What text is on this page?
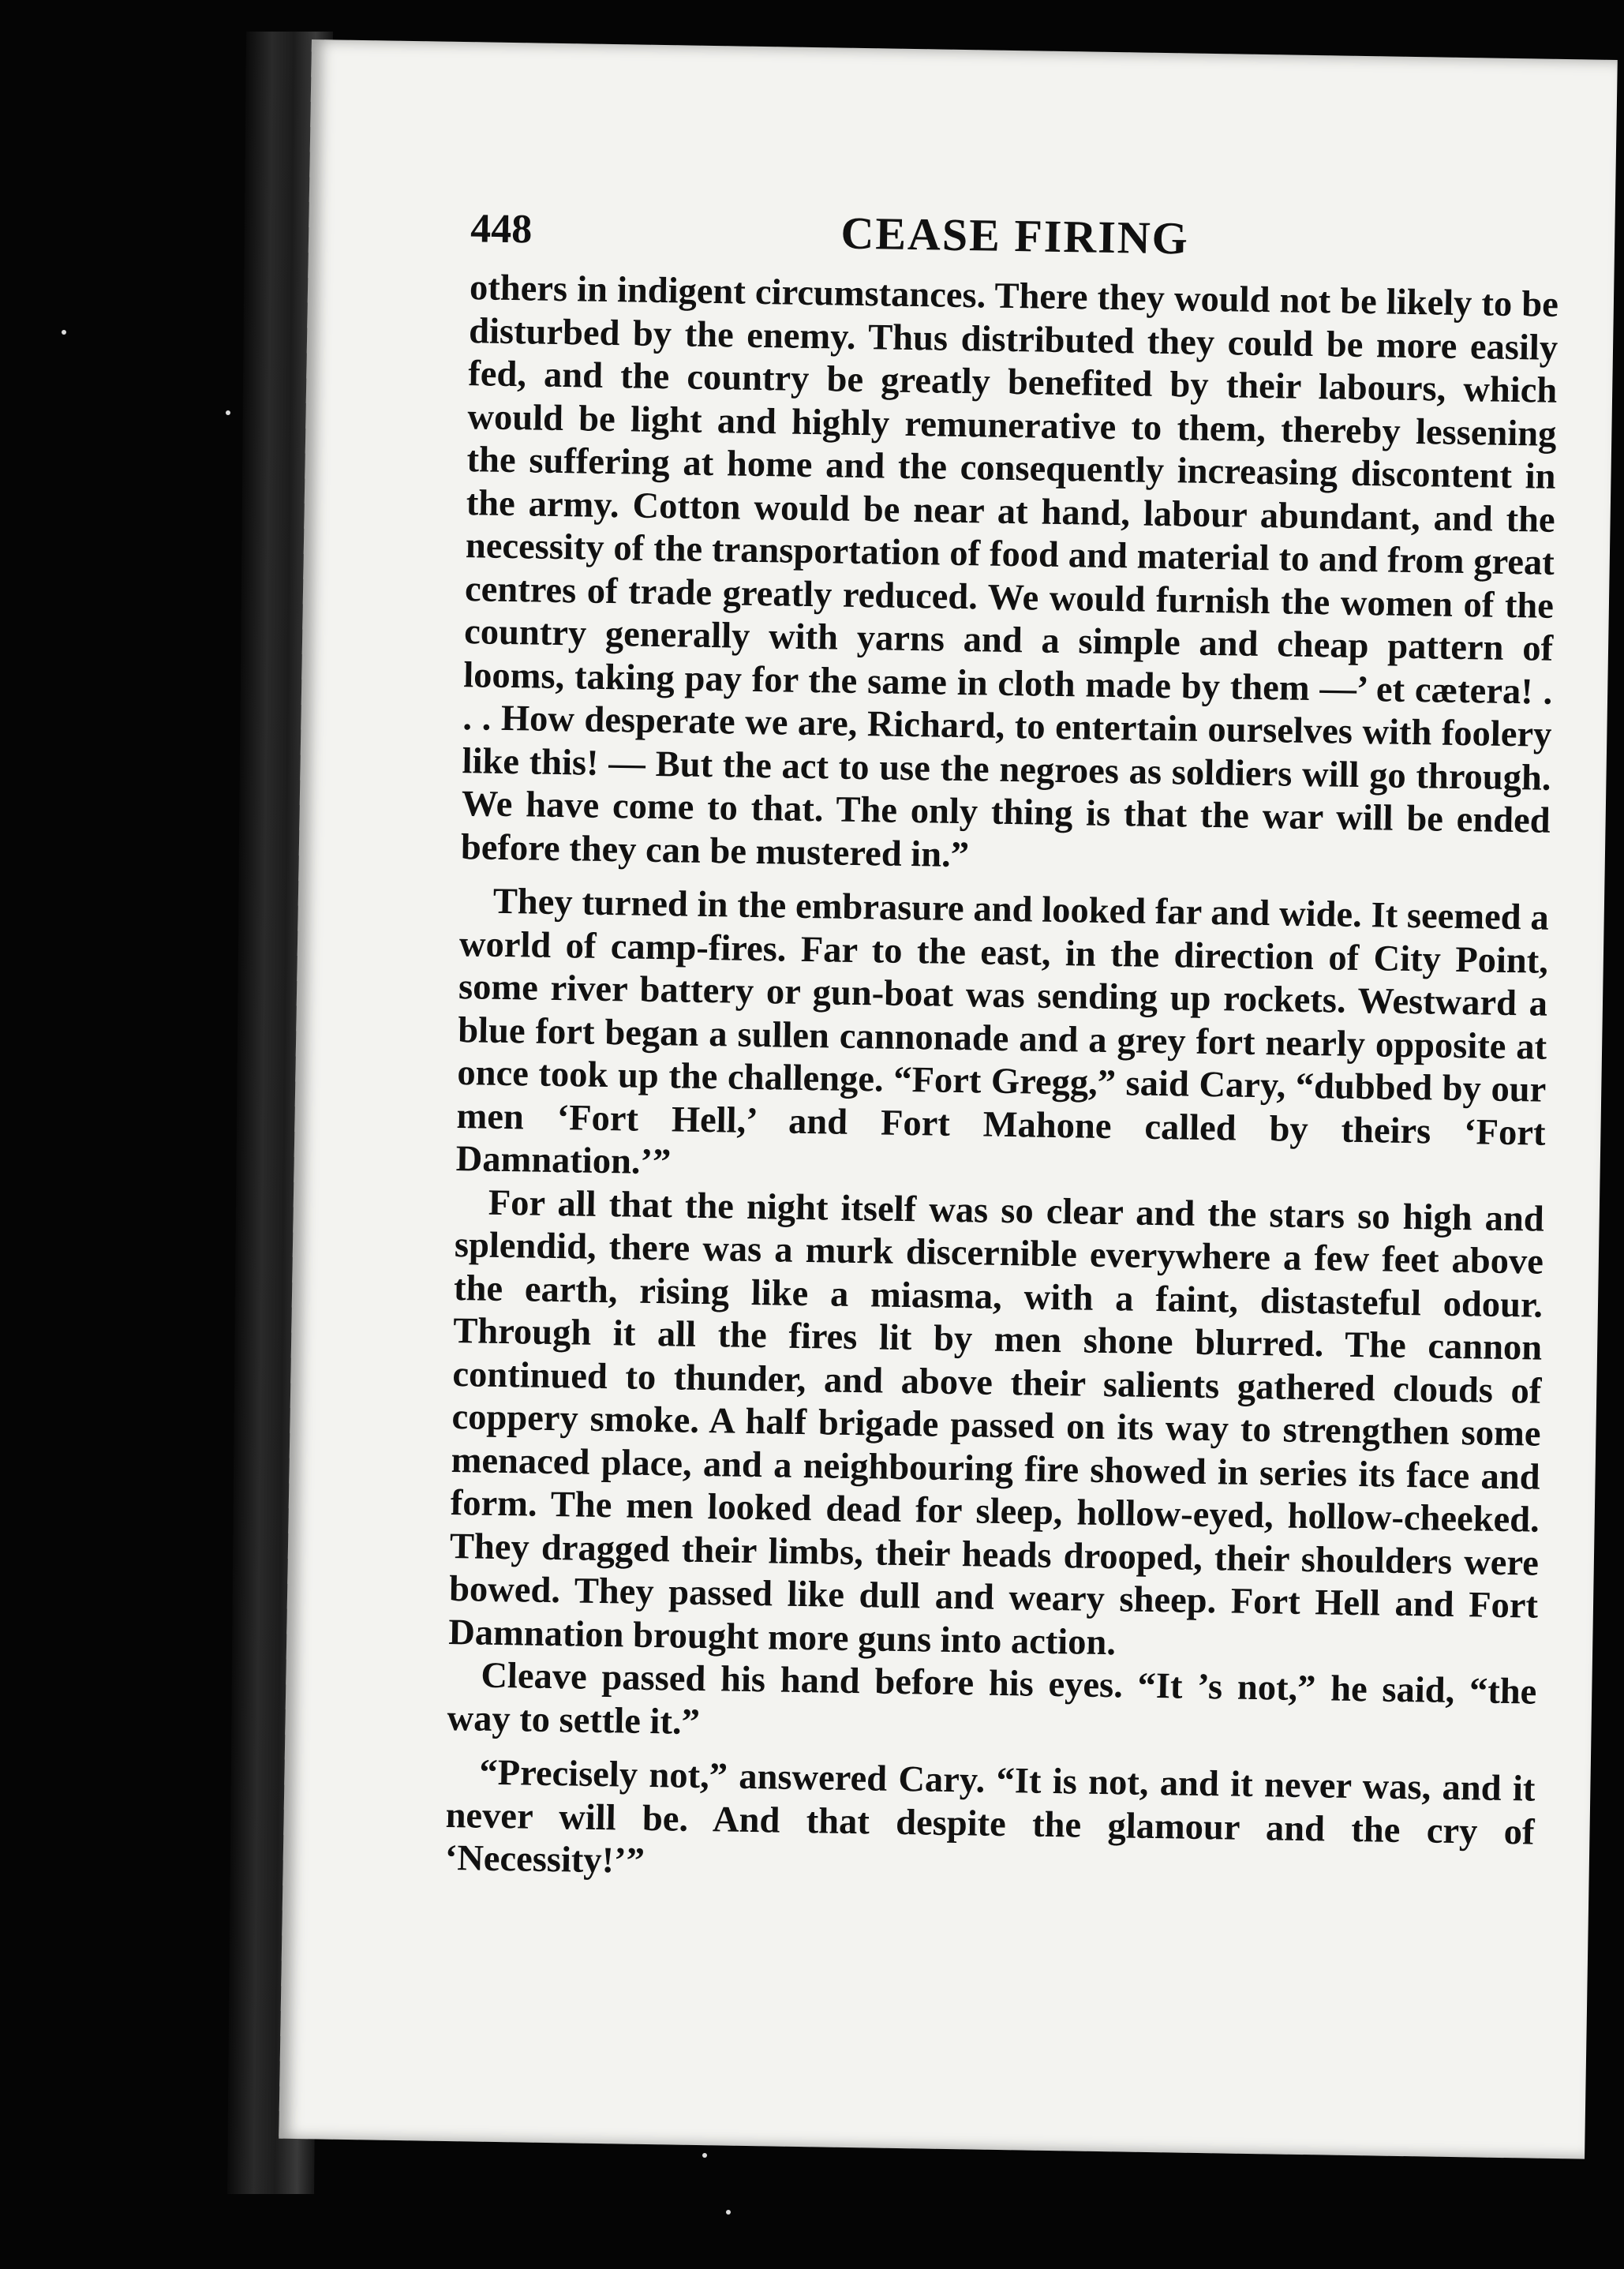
448	CEASE FIRING

others in indigent circumstances. There they would not be likely to be disturbed by the enemy. Thus distributed they could be more easily fed, and the country be greatly benefited by their labours, which would be light and highly remunerative to them, thereby lessening the suffering at home and the consequently increasing discontent in the army. Cotton would be near at hand, labour abundant, and the necessity of the transportation of food and material to and from great centres of trade greatly reduced. We would furnish the women of the country generally with yarns and a simple and cheap pattern of looms, taking pay for the same in cloth made by them —’ et cætera! . . . How desperate we are, Richard, to entertain ourselves with foolery like this! — But the act to use the negroes as soldiers will go through. We have come to that. The only thing is that the war will be ended before they can be mustered in.”

They turned in the embrasure and looked far and wide. It seemed a world of camp-fires. Far to the east, in the direction of City Point, some river battery or gun-boat was sending up rockets. Westward a blue fort began a sullen cannonade and a grey fort nearly opposite at once took up the challenge. “Fort Gregg,” said Cary, “dubbed by our men ‘Fort Hell,’ and Fort Mahone called by theirs ‘Fort Damnation.’”

For all that the night itself was so clear and the stars so high and splendid, there was a murk discernible everywhere a few feet above the earth, rising like a miasma, with a faint, distasteful odour. Through it all the fires lit by men shone blurred. The cannon continued to thunder, and above their salients gathered clouds of coppery smoke. A half brigade passed on its way to strengthen some menaced place, and a neighbouring fire showed in series its face and form. The men looked dead for sleep, hollow-eyed, hollow-cheeked. They dragged their limbs, their heads drooped, their shoulders were bowed. They passed like dull and weary sheep. Fort Hell and Fort Damnation brought more guns into action.

Cleave passed his hand before his eyes. “It ’s not,” he said, “the way to settle it.”

“Precisely not,” answered Cary. “It is not, and it never was, and it never will be. And that despite the glamour and the cry of ‘Necessity!’”
